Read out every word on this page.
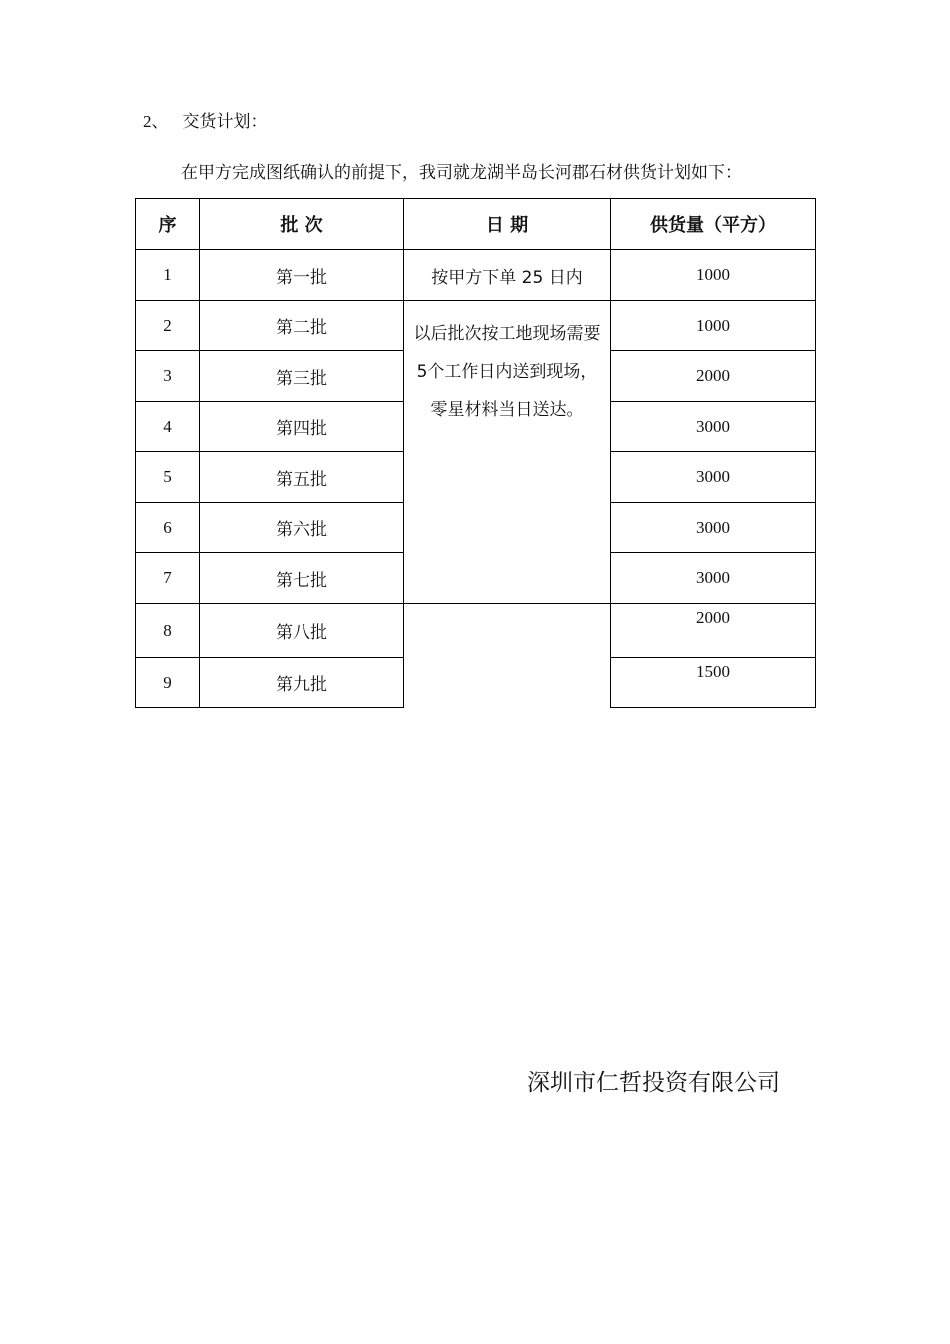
2、 交货计划：
在甲方完成图纸确认的前提下，我司就龙湖半岛长河郡石材供货计划如下：
序	批 次	日 期	供货量（平方）
1	第一批	按甲方下单 25 日内	1000
2	第二批	以后批次按工地现场需要5个工作日内送到现场，零星材料当日送达。	1000
3	第三批		2000
4	第四批		3000
5	第五批		3000
6	第六批		3000
7	第七批		3000
8	第八批		2000
9	第九批		1500
深圳市仁哲投资有限公司
